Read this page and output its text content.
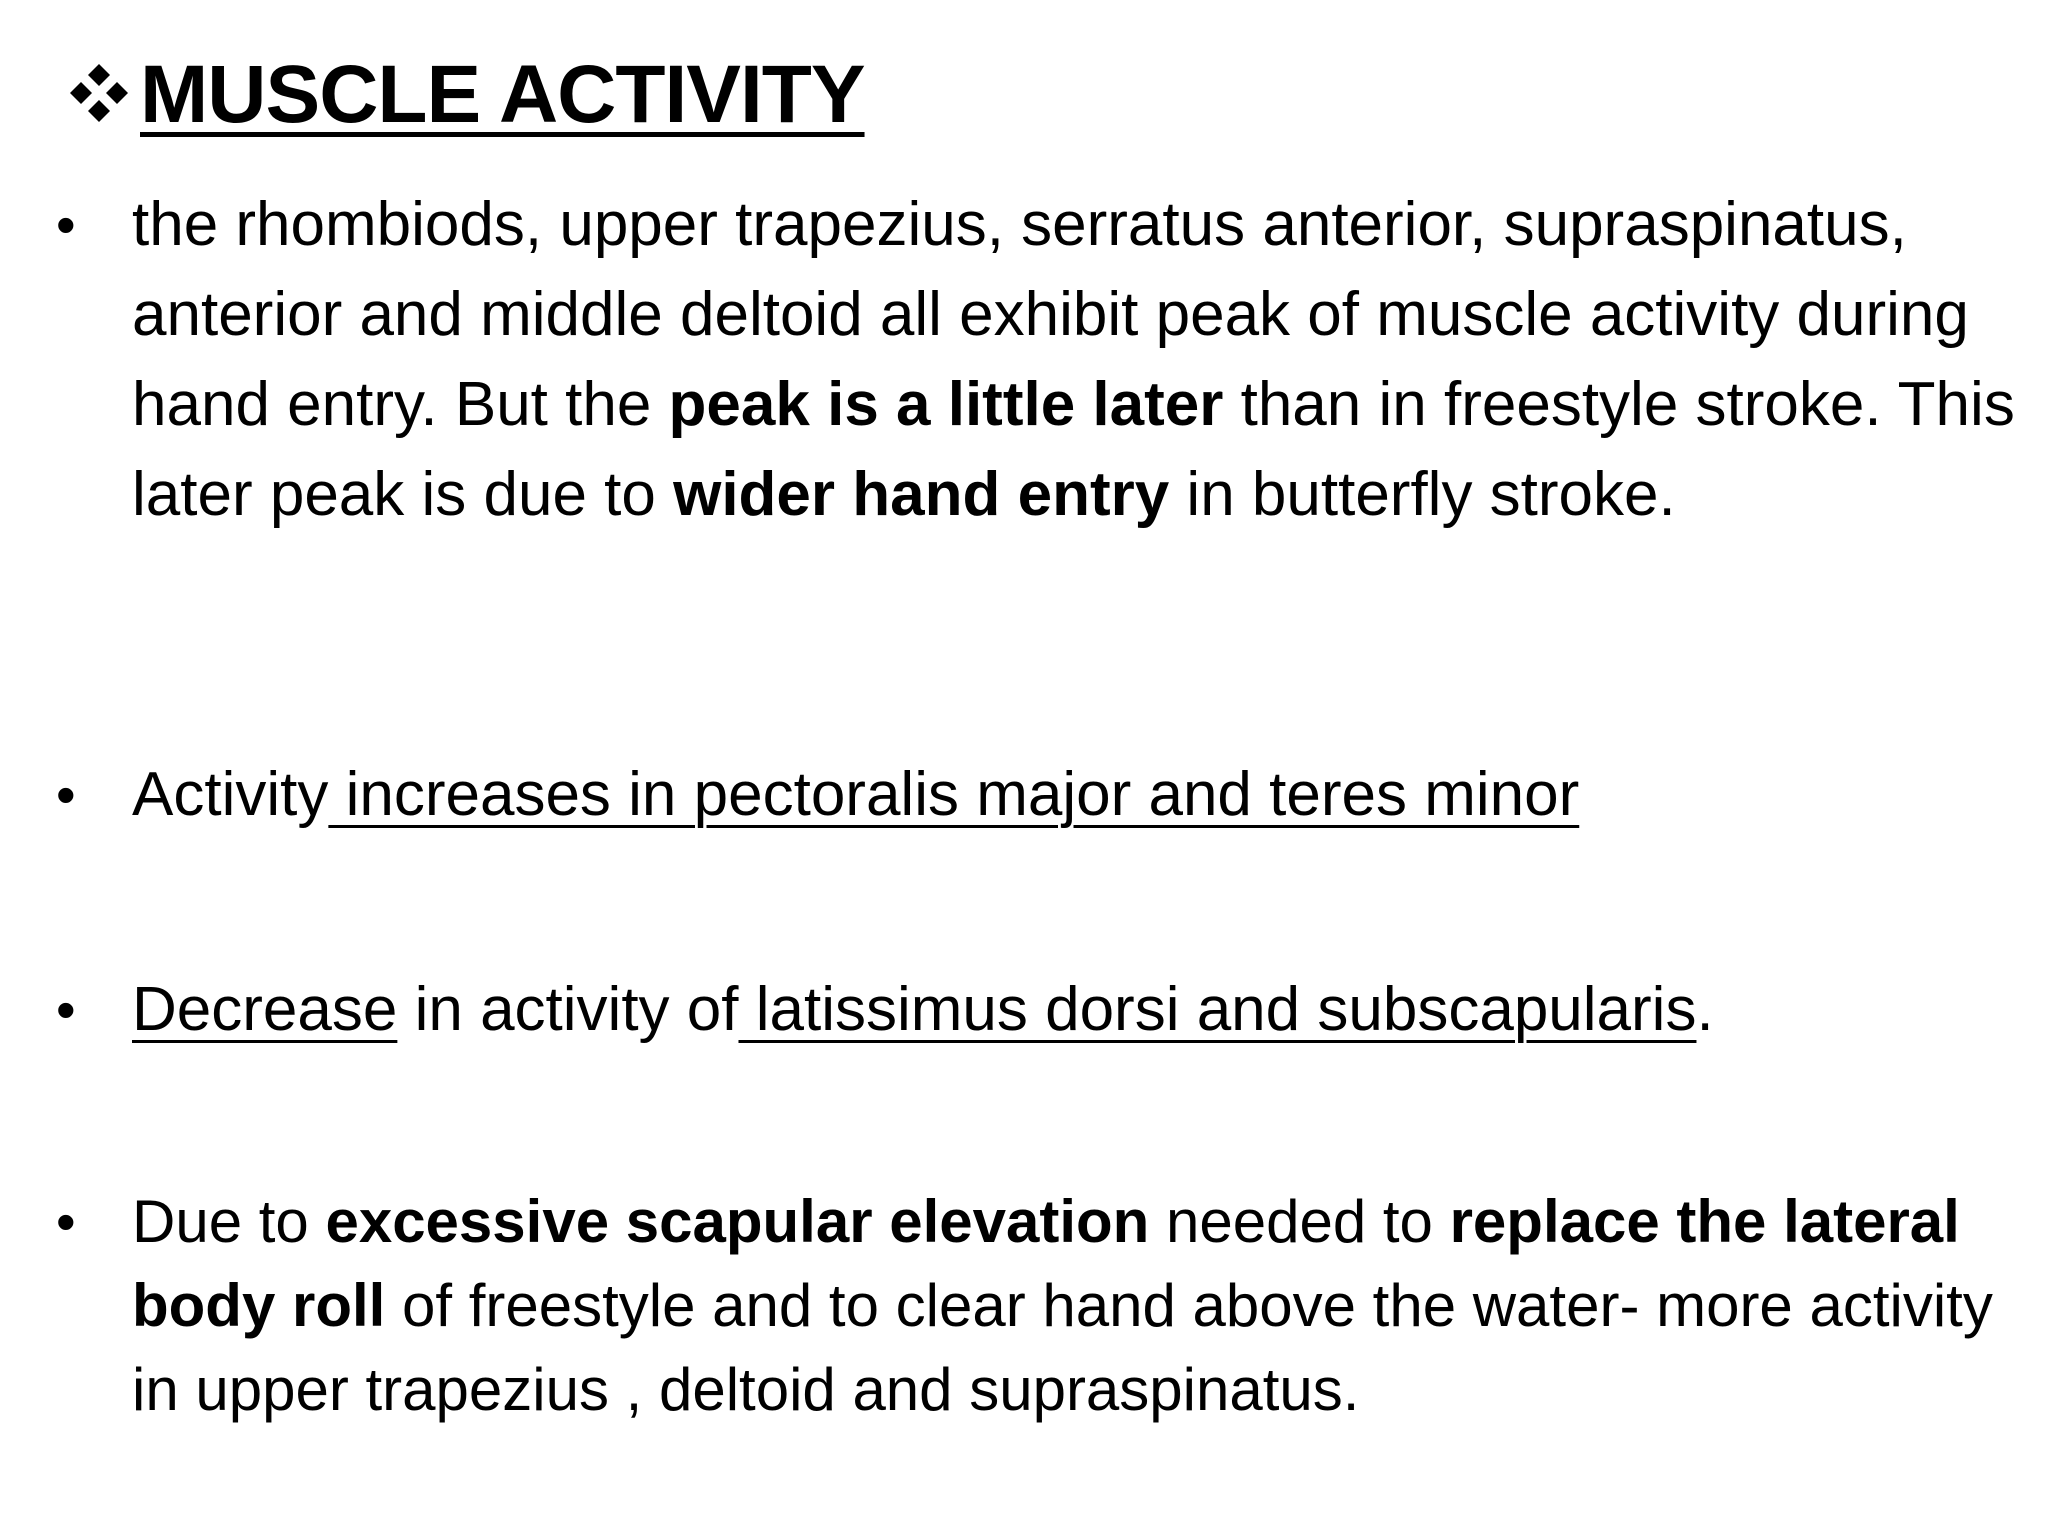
MUSCLE ACTIVITY
• the rhombiods, upper trapezius, serratus anterior, supraspinatus, anterior and middle deltoid all exhibit peak of muscle activity during hand entry. But the peak is a little later than in freestyle stroke. This later peak is due to wider hand entry in butterfly stroke.
• Activity increases in pectoralis major and teres minor
• Decrease in activity of latissimus dorsi and subscapularis.
• Due to excessive scapular elevation needed to replace the lateral body roll of freestyle and to clear hand above the water- more activity in upper trapezius , deltoid and supraspinatus.
